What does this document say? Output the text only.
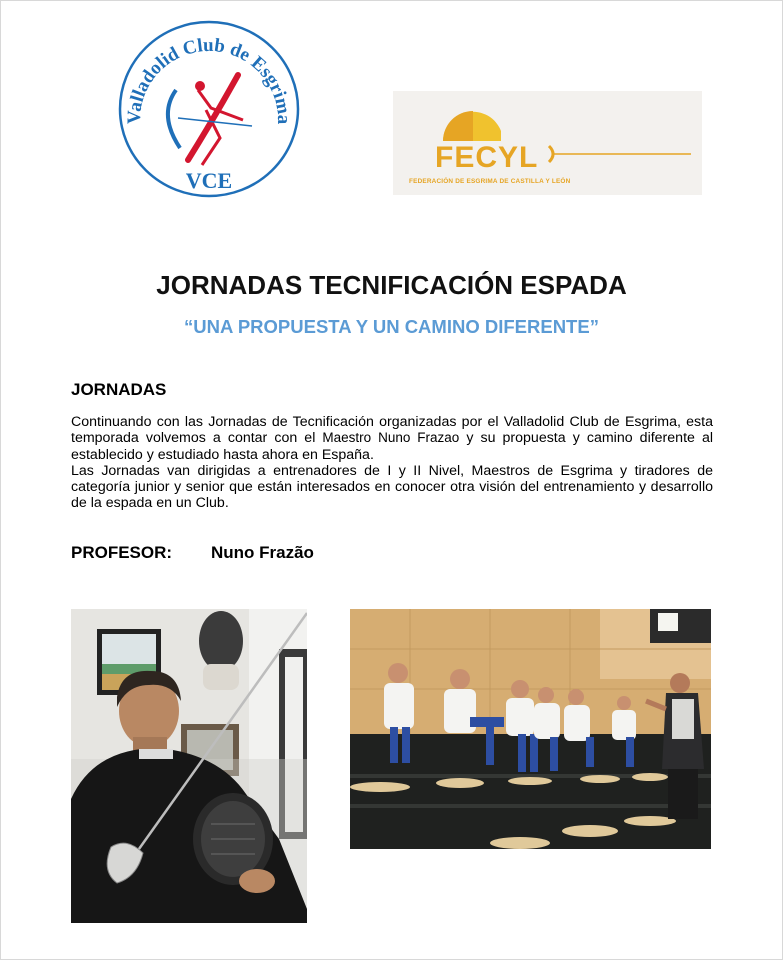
Valladolid Club de Esgrima
VCE
FECYL
FEDERACIÓN DE ESGRIMA DE CASTILLA Y LEÓN
JORNADAS TECNIFICACIÓN ESPADA
“UNA PROPUESTA Y UN CAMINO DIFERENTE”
JORNADAS

Continuando con las Jornadas de Tecnificación organizadas por el Valladolid Club de Esgrima, esta temporada volvemos a contar con el Maestro Nuno Frazao y su propuesta y camino diferente al establecido y estudiado hasta ahora en España.

Las Jornadas van dirigidas a entrenadores de I y II Nivel, Maestros de Esgrima y tiradores de categoría junior y senior que están interesados en conocer otra visión del entrenamiento y desarrollo de la espada en un Club.

PROFESOR: Nuno Frazão
